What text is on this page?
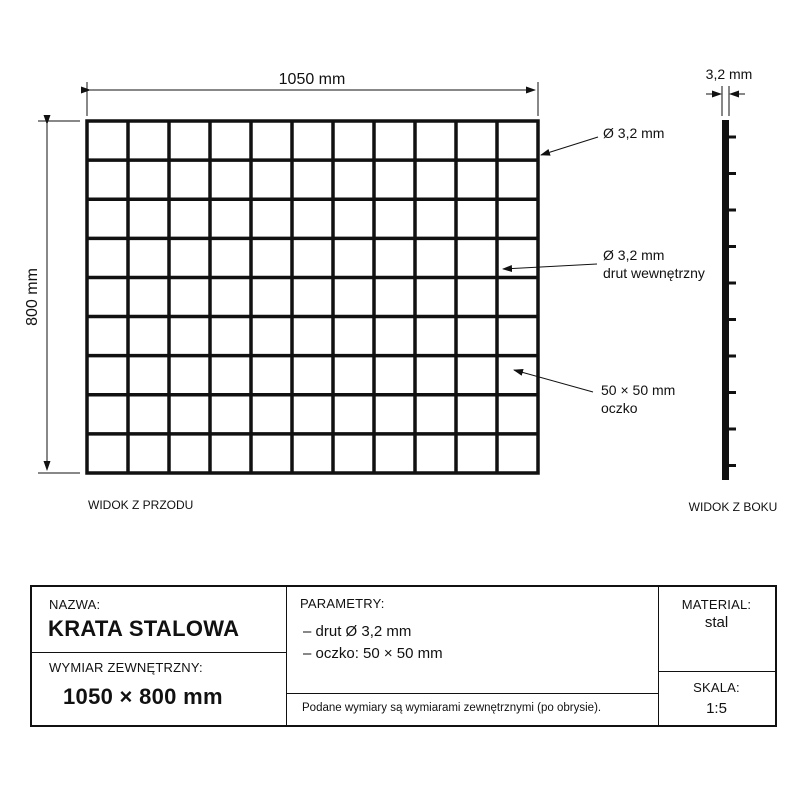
1050 mm
800 mm
Ø 3,2 mm
Ø 3,2 mm
drut wewnętrzny
50 × 50 mm
oczko
WIDOK Z PRZODU
3,2 mm
WIDOK Z BOKU
NAZWA:
KRATA STALOWA
WYMIAR ZEWNĘTRZNY:
1050 × 800 mm
PARAMETRY:
– drut Ø 3,2 mm
– oczko: 50 × 50 mm
Podane wymiary są wymiarami zewnętrznymi (po obrysie).
MATERIAL:
stal
SKALA:
1:5
